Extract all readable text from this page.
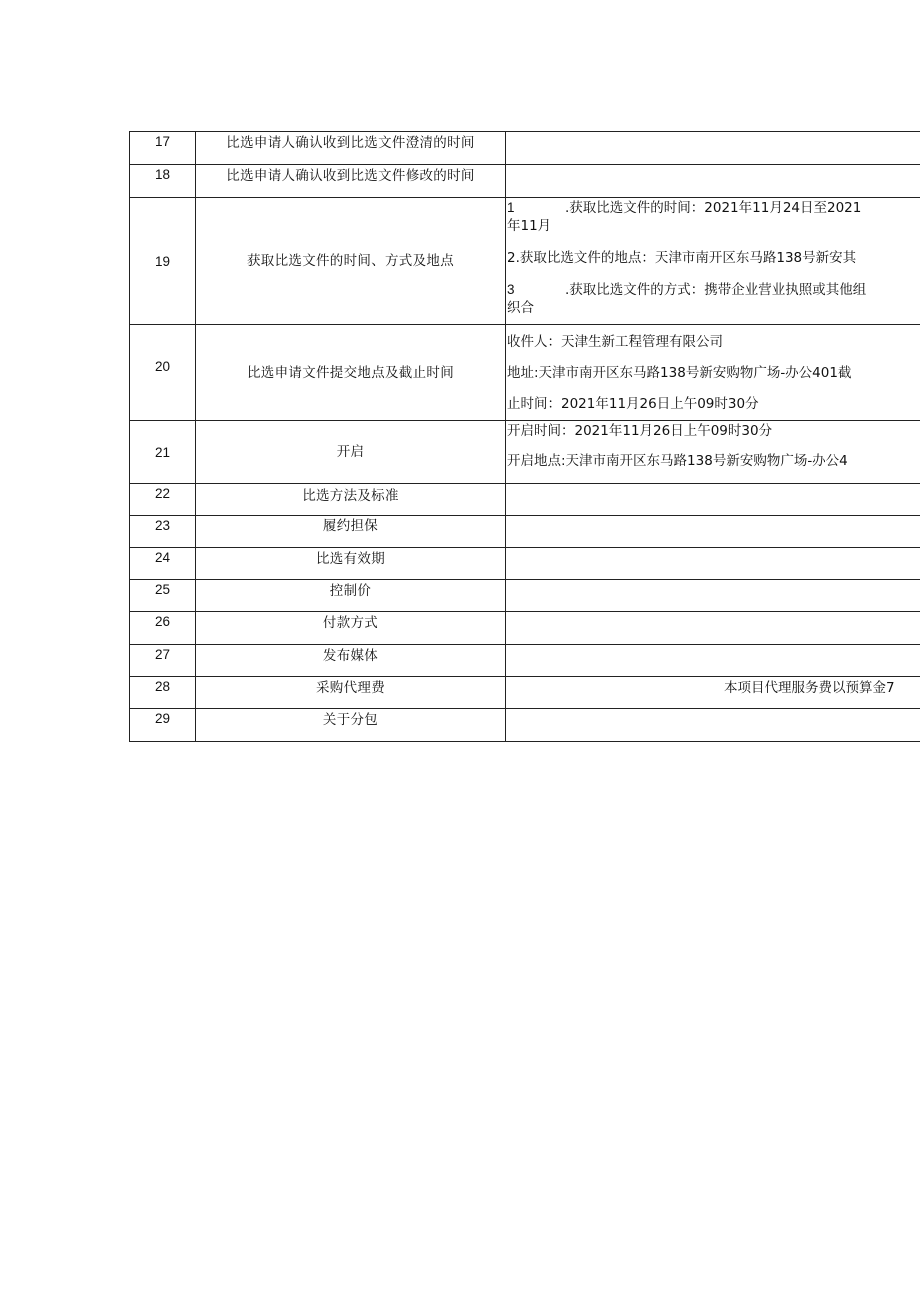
17	比选申请人确认收到比选文件澄清的时间	
18	比选申请人确认收到比选文件修改的时间	

19	获取比选文件的时间、方式及地点	1 .获取比选文件的时间：2021年11月24日至2021
年11月
2.获取比选文件的地点：天津市南开区东马路138号新安其
3 .获取比选文件的方式：携带企业营业执照或其他组
织合

20	比选申请文件提交地点及截止时间	收件人：天津生新工程管理有限公司
地址:天津市南开区东马路138号新安购物广场-办公401截
止时间：2021年11月26日上午09时30分

21	开启	开启时间：2021年11月26日上午09时30分
开启地点:天津市南开区东马路138号新安购物广场-办公4

22	比选方法及标准	
23	履约担保	
24	比选有效期	
25	控制价	
26	付款方式	
27	发布媒体	
28	采购代理费	本项目代理服务费以预算金7

29	关于分包	
